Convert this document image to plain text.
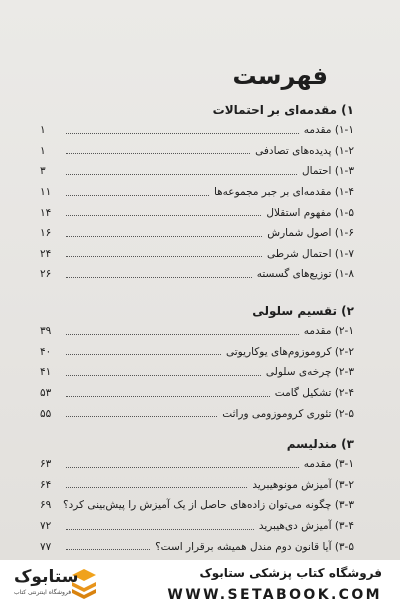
فهرست
۱) مقدمه‌ای بر احتمالات
۱-۱) مقدمه
۱
۱-۲) پدیده‌های تصادفی
۱
۱-۳) احتمال
۳
۱-۴) مقدمه‌ای بر جبر مجموعه‌ها
۱۱
۱-۵) مفهوم استقلال
۱۴
۱-۶) اصول شمارش
۱۶
۱-۷) احتمال شرطی
۲۴
۱-۸) توزیع‌های گسسته
۲۶
۲) تقسیم سلولی
۲-۱) مقدمه
۳۹
۲-۲) کروموزوم‌های یوکاریوتی
۴۰
۲-۳) چرخه‌ی سلولی
۴۱
۲-۴) تشکیل گامت
۵۳
۲-۵) تئوری کروموزومی وراثت
۵۵
۳) مندلیسم
۳-۱) مقدمه
۶۳
۳-۲) آمیزش مونوهیبرید
۶۴
۳-۳) چگونه می‌توان زاده‌های حاصل از یک آمیزش را پیش‌بینی کرد؟
۶۹
۳-۴) آمیزش دی‌هیبرید
۷۲
۳-۵) آیا قانون دوم مندل همیشه برقرار است؟
۷۷
ستابوک
فروشگاه اینترنتی کتاب
فروشگاه کتاب پزشکی ستابوک
WWW.SETABOOK.COM
